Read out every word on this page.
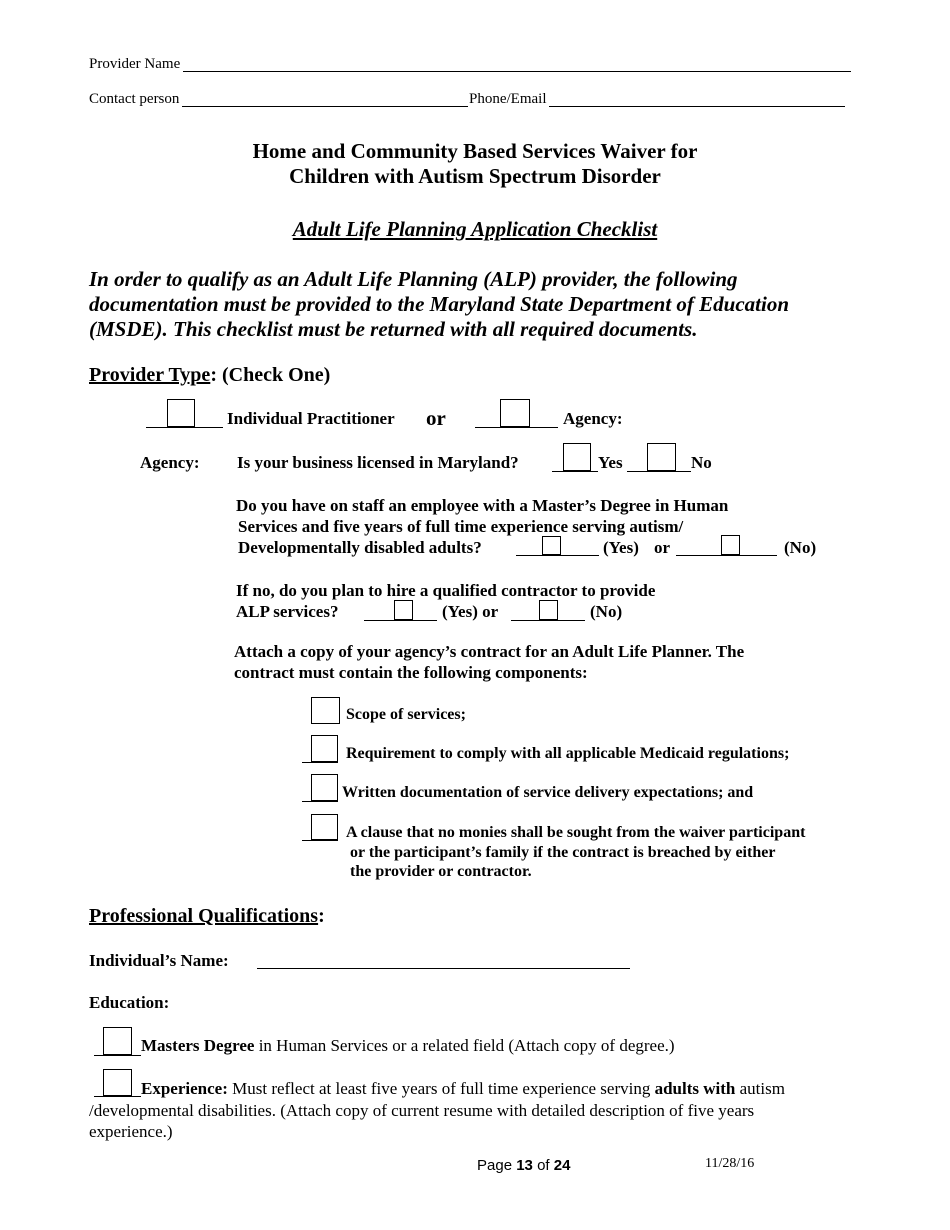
Provider Name
Contact person	Phone/Email
Home and Community Based Services Waiver for
Children with Autism Spectrum Disorder
Adult Life Planning Application Checklist
In order to qualify as an Adult Life Planning (ALP) provider, the following
documentation must be provided to the Maryland State Department of Education
(MSDE). This checklist must be returned with all required documents.
Provider Type: (Check One)
Individual Practitioner or	Agency:
Agency: Is your business licensed in Maryland?	Yes	No
Do you have on staff an employee with a Master’s Degree in Human
Services and five years of full time experience serving autism/
Developmentally disabled adults?	(Yes) or	(No)
If no, do you plan to hire a qualified contractor to provide
ALP services?	(Yes) or	(No)
Attach a copy of your agency’s contract for an Adult Life Planner. The
contract must contain the following components:
Scope of services;
Requirement to comply with all applicable Medicaid regulations;
Written documentation of service delivery expectations; and
A clause that no monies shall be sought from the waiver participant
or the participant’s family if the contract is breached by either
the provider or contractor.
Professional Qualifications:
Individual’s Name:
Education:
Masters Degree in Human Services or a related field (Attach copy of degree.)
Experience: Must reflect at least five years of full time experience serving adults with autism
/developmental disabilities. (Attach copy of current resume with detailed description of five years
experience.)
Page 13 of 24	11/28/16
